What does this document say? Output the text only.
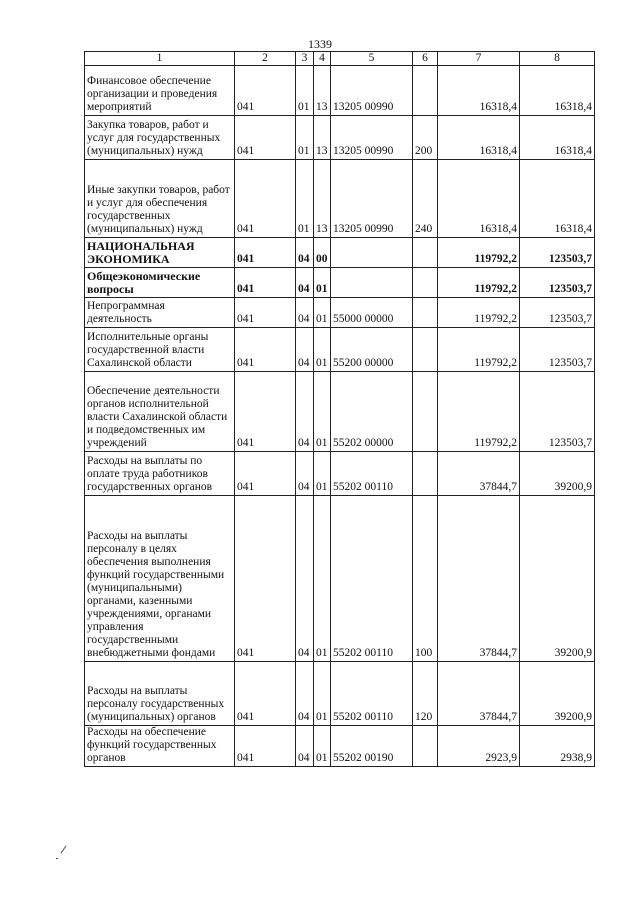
1339
1	2	3	4	5	6	7	8
Финансовое обеспечение организации и проведения мероприятий	041	01	13	13205 00990		16318,4	16318,4
Закупка товаров, работ и услуг для государственных (муниципальных) нужд	041	01	13	13205 00990	200	16318,4	16318,4
Иные закупки товаров, работ и услуг для обеспечения государственных (муниципальных) нужд	041	01	13	13205 00990	240	16318,4	16318,4
НАЦИОНАЛЬНАЯ ЭКОНОМИКА	041	04	00			119792,2	123503,7
Общеэкономические вопросы	041	04	01			119792,2	123503,7
Непрограммная деятельность	041	04	01	55000 00000		119792,2	123503,7
Исполнительные органы государственной власти Сахалинской области	041	04	01	55200 00000		119792,2	123503,7
Обеспечение деятельности органов исполнительной власти Сахалинской области и подведомственных им учреждений	041	04	01	55202 00000		119792,2	123503,7
Расходы на выплаты по оплате труда работников государственных органов	041	04	01	55202 00110		37844,7	39200,9
Расходы на выплаты персоналу в целях обеспечения выполнения функций государственными (муниципальными) органами, казенными учреждениями, органами управления государственными внебюджетными фондами	041	04	01	55202 00110	100	37844,7	39200,9
Расходы на выплаты персоналу государственных (муниципальных) органов	041	04	01	55202 00110	120	37844,7	39200,9
Расходы на обеспечение функций государственных органов	041	04	01	55202 00190		2923,9	2938,9
